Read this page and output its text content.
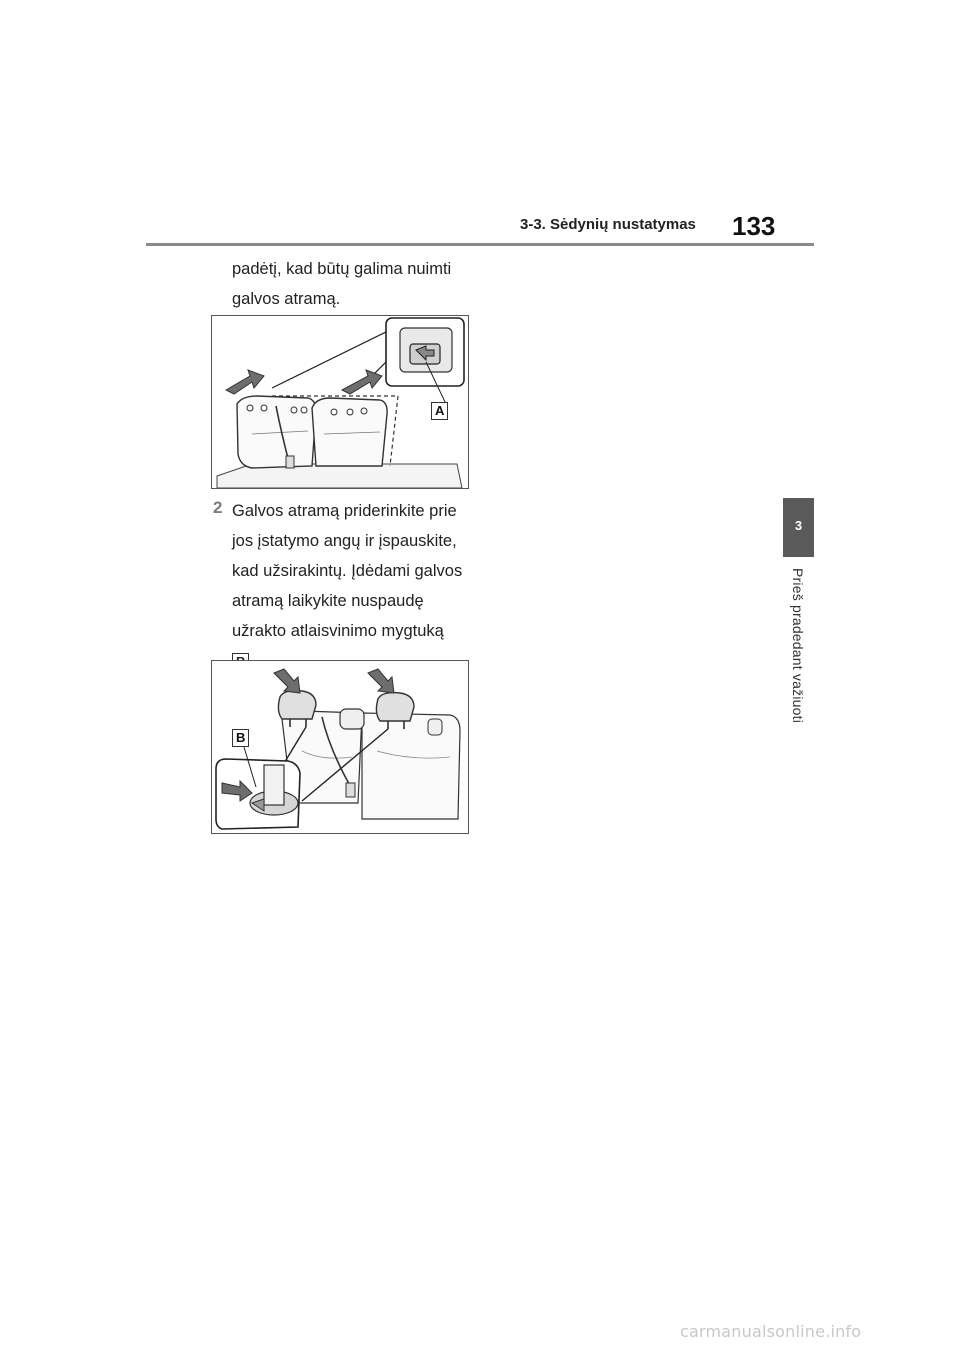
3-3. Sėdynių nustatymas 133
padėtį, kad būtų galima nuimti
galvos atramą.
A
2 Galvos atramą priderinkite prie
jos įstatymo angų ir įspauskite,
kad užsirakintų. Įdėdami galvos
atramą laikykite nuspaudę
užrakto atlaisvinimo mygtuką
B
3
Prieš pradedant važiuoti
carmanualsonline.info
